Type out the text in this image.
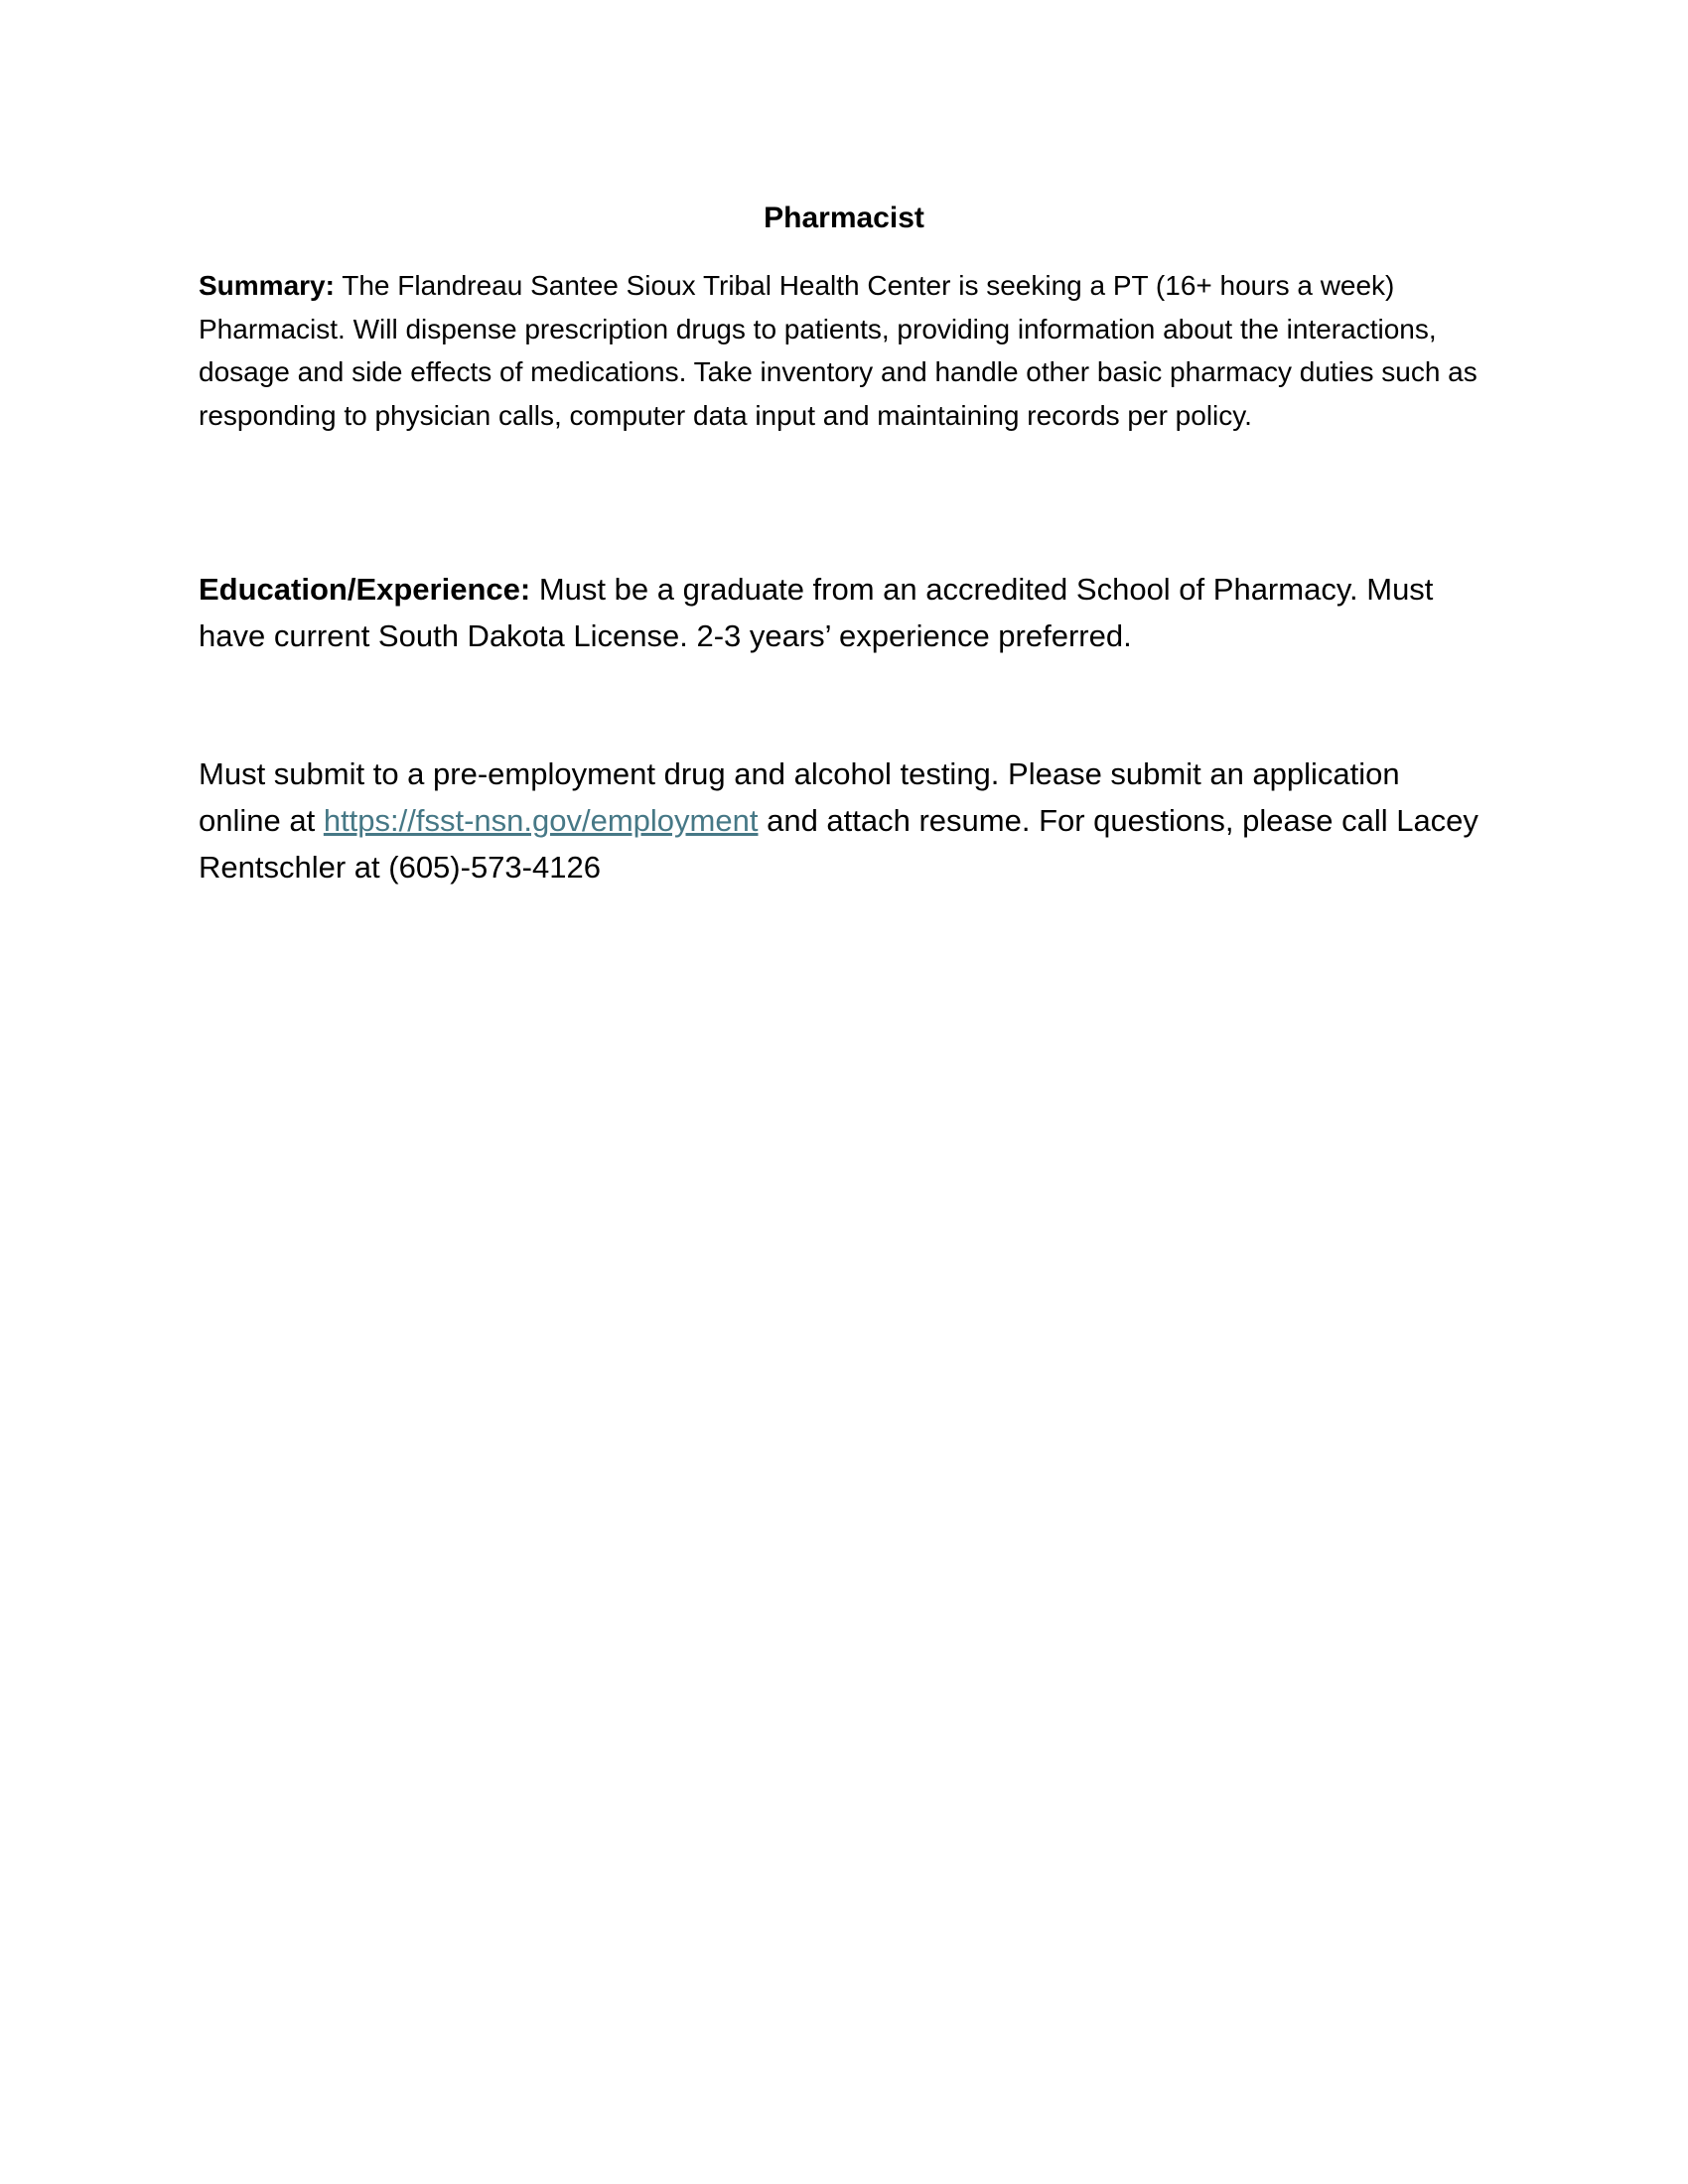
Pharmacist

Summary: The Flandreau Santee Sioux Tribal Health Center is seeking a PT (16+ hours a week) Pharmacist. Will dispense prescription drugs to patients, providing information about the interactions, dosage and side effects of medications. Take inventory and handle other basic pharmacy duties such as responding to physician calls, computer data input and maintaining records per policy.

Education/Experience: Must be a graduate from an accredited School of Pharmacy. Must have current South Dakota License. 2-3 years’ experience preferred.

Must submit to a pre-employment drug and alcohol testing. Please submit an application online at https://fsst-nsn.gov/employment and attach resume. For questions, please call Lacey Rentschler at (605)-573-4126
